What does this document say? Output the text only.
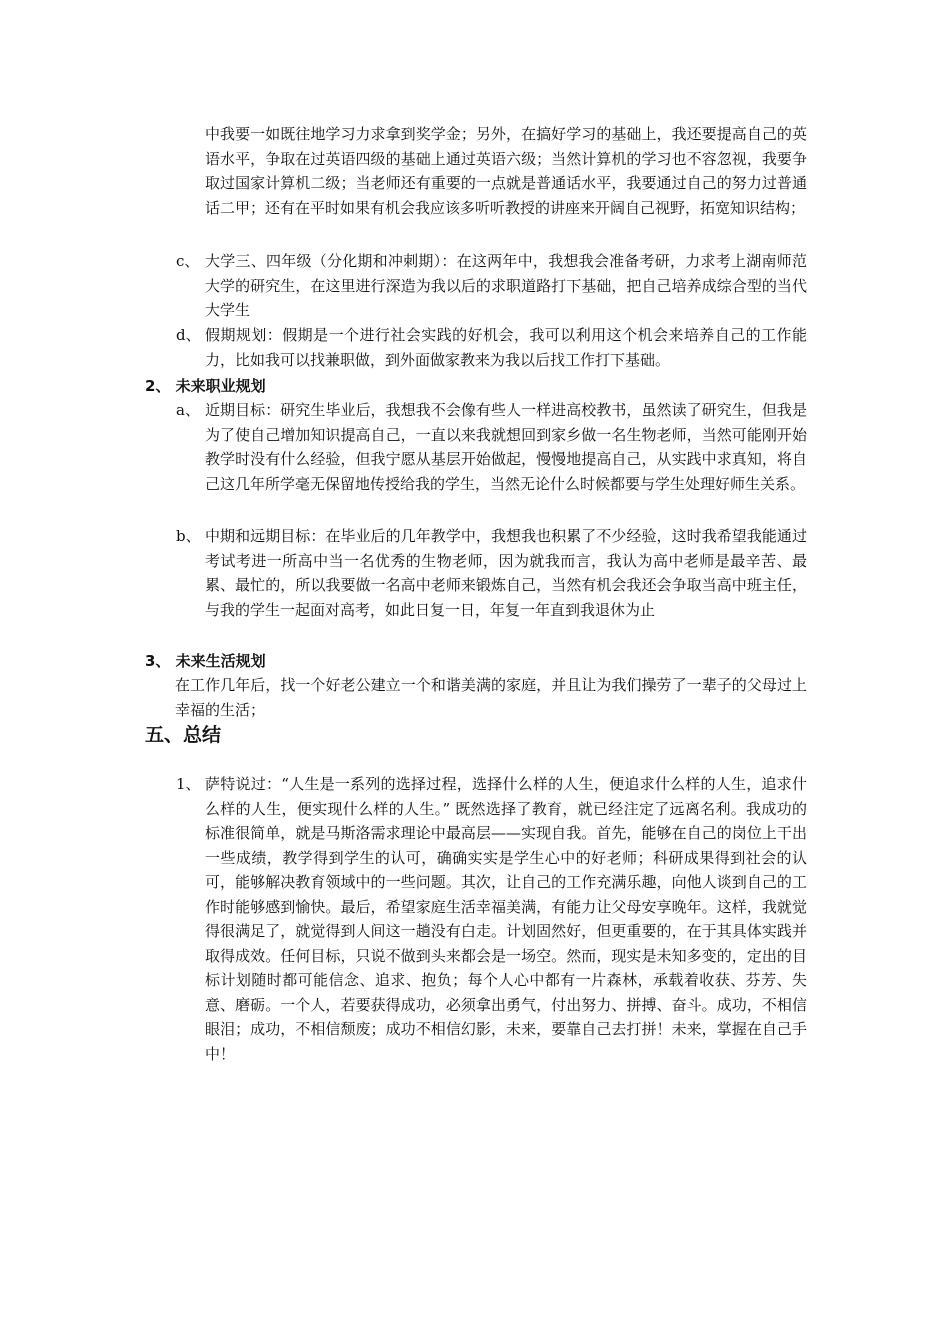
中我要一如既往地学习力求拿到奖学金；另外，在搞好学习的基础上，我还要提高自己的英语水平，争取在过英语四级的基础上通过英语六级；当然计算机的学习也不容忽视，我要争取过国家计算机二级；当老师还有重要的一点就是普通话水平，我要通过自己的努力过普通话二甲；还有在平时如果有机会我应该多听听教授的讲座来开阔自己视野，拓宽知识结构；
c、 大学三、四年级（分化期和冲刺期）：在这两年中，我想我会准备考研，力求考上湖南师范大学的研究生，在这里进行深造为我以后的求职道路打下基础，把自己培养成综合型的当代大学生
d、 假期规划：假期是一个进行社会实践的好机会，我可以利用这个机会来培养自己的工作能力，比如我可以找兼职做，到外面做家教来为我以后找工作打下基础。
2、 未来职业规划
a、 近期目标：研究生毕业后，我想我不会像有些人一样进高校教书，虽然读了研究生，但我是为了使自己增加知识提高自己，一直以来我就想回到家乡做一名生物老师，当然可能刚开始教学时没有什么经验，但我宁愿从基层开始做起，慢慢地提高自己，从实践中求真知，将自己这几年所学毫无保留地传授给我的学生，当然无论什么时候都要与学生处理好师生关系。
b、 中期和远期目标：在毕业后的几年教学中，我想我也积累了不少经验，这时我希望我能通过考试考进一所高中当一名优秀的生物老师，因为就我而言，我认为高中老师是最辛苦、最累、最忙的，所以我要做一名高中老师来锻炼自己，当然有机会我还会争取当高中班主任，与我的学生一起面对高考，如此日复一日，年复一年直到我退休为止
3、 未来生活规划
在工作几年后，找一个好老公建立一个和谐美满的家庭，并且让为我们操劳了一辈子的父母过上幸福的生活；
五、总结
1、 萨特说过：“人生是一系列的选择过程，选择什么样的人生，便追求什么样的人生，追求什么样的人生，便实现什么样的人生。” 既然选择了教育，就已经注定了远离名利。我成功的标准很简单，就是马斯洛需求理论中最高层——实现自我。首先，能够在自己的岗位上干出一些成绩，教学得到学生的认可，确确实实是学生心中的好老师；科研成果得到社会的认可，能够解决教育领域中的一些问题。其次，让自己的工作充满乐趣，向他人谈到自己的工作时能够感到愉快。最后，希望家庭生活幸福美满，有能力让父母安享晚年。这样，我就觉得很满足了，就觉得到人间这一趟没有白走。计划固然好，但更重要的，在于其具体实践并取得成效。任何目标，只说不做到头来都会是一场空。然而，现实是未知多变的，定出的目标计划随时都可能信念、追求、抱负；每个人心中都有一片森林，承载着收获、芬芳、失意、磨砺。一个人，若要获得成功，必须拿出勇气，付出努力、拼搏、奋斗。成功，不相信眼泪；成功，不相信颓废；成功不相信幻影，未来，要靠自己去打拼！未来，掌握在自己手中！
